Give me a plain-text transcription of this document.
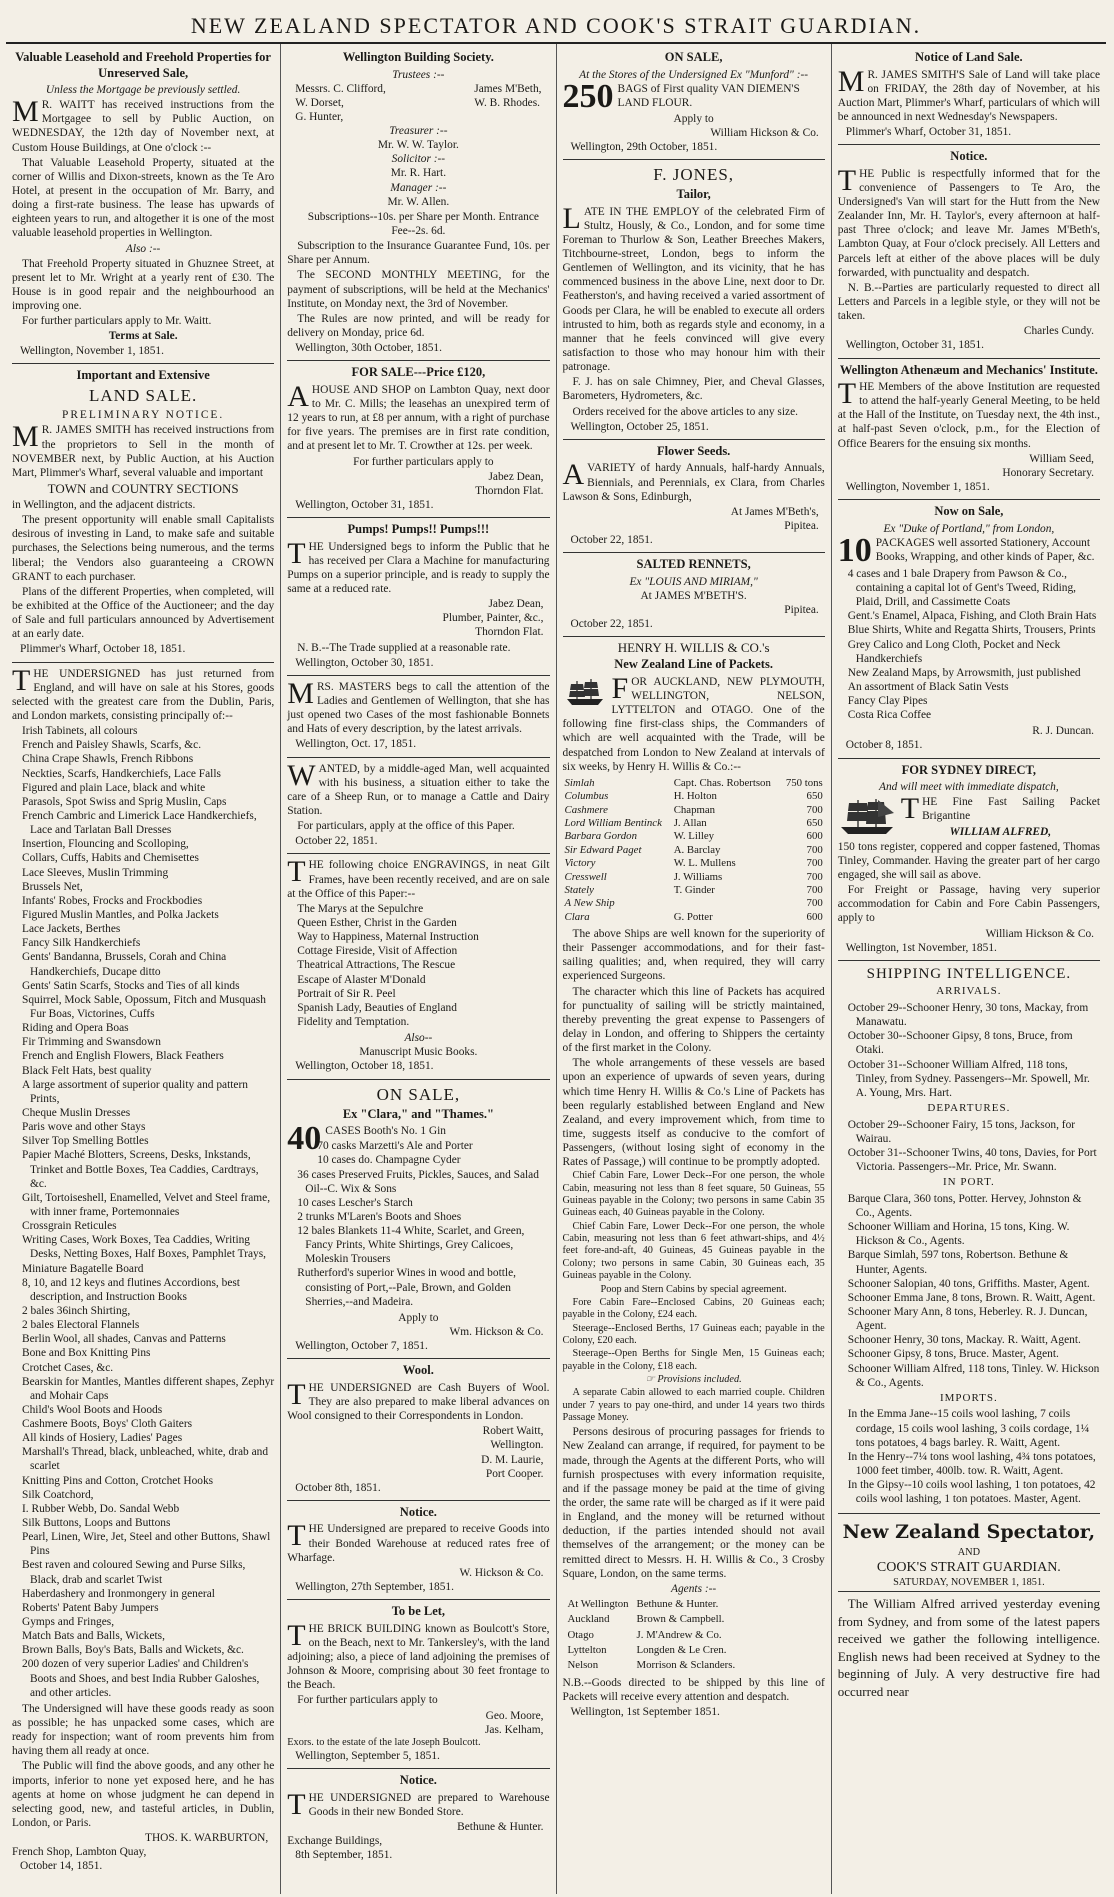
NEW ZEALAND SPECTATOR AND COOK'S STRAIT GUARDIAN.
Valuable Leasehold and Freehold Properties for Unreserved Sale,
Unless the Mortgage be previously settled.

M R. WAITT has received instructions from the Mortgagee to sell by Public Auction, on WEDNESDAY, the 12th day of November next, at Custom House Buildings, at One o'clock :--

That Valuable Leasehold Property, situated at the corner of Willis and Dixon-streets, known as the Te Aro Hotel, at present in the occupation of Mr. Barry, and doing a first-rate business. The lease has upwards of eighteen years to run, and altogether it is one of the most valuable leasehold properties in Wellington.

Also :--

That Freehold Property situated in Ghuznee Street, at present let to Mr. Wright at a yearly rent of £30. The House is in good repair and the neighbourhood an improving one.

For further particulars apply to Mr. Waitt.

Terms at Sale.
Wellington, November 1, 1851.
Important and Extensive
LAND SALE.
PRELIMINARY NOTICE.

M R. JAMES SMITH has received instructions from the proprietors to Sell in the month of NOVEMBER next, by Public Auction, at his Auction Mart, Plimmer's Wharf, several valuable and important

TOWN and COUNTRY SECTIONS

in Wellington, and the adjacent districts.

The present opportunity will enable small Capitalists desirous of investing in Land, to make safe and suitable purchases, the Selections being numerous, and the terms liberal; the Vendors also guaranteeing a CROWN GRANT to each purchaser.

Plans of the different Properties, when completed, will be exhibited at the Office of the Auctioneer; and the day of Sale and full particulars announced by Advertisement at an early date.

Plimmer's Wharf, October 18, 1851.

THE UNDERSIGNED has just returned from England, and will have on sale at his Stores, goods selected with the greatest care from the Dublin, Paris, and London markets, consisting principally of:--

Irish Tabinets, all colours
French and Paisley Shawls, Scarfs, &c.
China Crape Shawls, French Ribbons
Neckties, Scarfs, Handkerchiefs, Lace Falls
Figured and plain Lace, black and white
Parasols, Spot Swiss and Sprig Muslin, Caps
French Cambric and Limerick Lace Handkerchiefs, Lace and Tarlatan Ball Dresses
Insertion, Flouncing and Scolloping,
Collars, Cuffs, Habits and Chemisettes
Lace Sleeves, Muslin Trimming
Brussels Net,
Infants' Robes, Frocks and Frockbodies
Figured Muslin Mantles, and Polka Jackets
Lace Jackets, Berthes
Fancy Silk Handkerchiefs
Gents' Bandanna, Brussels, Corah and China Handkerchiefs, Ducape ditto
Gents' Satin Scarfs, Stocks and Ties of all kinds
Squirrel, Mock Sable, Opossum, Fitch and Musquash Fur Boas, Victorines, Cuffs
Riding and Opera Boas
Fir Trimming and Swansdown
French and English Flowers, Black Feathers
Black Felt Hats, best quality
A large assortment of superior quality and pattern Prints,
Cheque Muslin Dresses
Paris wove and other Stays
Silver Top Smelling Bottles
Papier Maché Blotters, Screens, Desks, Inkstands, Trinket and Bottle Boxes, Tea Caddies, Cardtrays, &c.
Gilt, Tortoiseshell, Enamelled, Velvet and Steel frame, with inner frame, Portemonnaies
Crossgrain Reticules
Writing Cases, Work Boxes, Tea Caddies, Writing Desks, Netting Boxes, Half Boxes, Pamphlet Trays,
Miniature Bagatelle Board
8, 10, and 12 keys and flutines Accordions, best description, and Instruction Books
2 bales 36inch Shirting,
2 bales Electoral Flannels
Berlin Wool, all shades, Canvas and Patterns
Bone and Box Knitting Pins
Crotchet Cases, &c.
Bearskin for Mantles, Mantles different shapes, Zephyr and Mohair Caps
Child's Wool Boots and Hoods
Cashmere Boots, Boys' Cloth Gaiters
All kinds of Hosiery, Ladies' Pages
Marshall's Thread, black, unbleached, white, drab and scarlet
Knitting Pins and Cotton, Crotchet Hooks
Silk Coatchord,
I. Rubber Webb, Do. Sandal Webb
Silk Buttons, Loops and Buttons
Pearl, Linen, Wire, Jet, Steel and other Buttons, Shawl Pins
Best raven and coloured Sewing and Purse Silks, Black, drab and scarlet Twist
Haberdashery and Ironmongery in general
Roberts' Patent Baby Jumpers
Gymps and Fringes,
Match Bats and Balls, Wickets,
Brown Balls, Boy's Bats, Balls and Wickets, &c.
200 dozen of very superior Ladies' and Children's Boots and Shoes, and best India Rubber Galoshes, and other articles.

The Undersigned will have these goods ready as soon as possible; he has unpacked some cases, which are ready for inspection; want of room prevents him from having them all ready at once.

The Public will find the above goods, and any other he imports, inferior to none yet exposed here, and he has agents at home on whose judgment he can depend in selecting good, new, and tasteful articles, in Dublin, London, or Paris.

THOS. K. WARBURTON,
French Shop, Lambton Quay,
October 14, 1851.
Wellington Building Society.
Trustees :--
Messrs. C. Clifford,
W. Dorset,
G. Hunter,
James M'Beth,
W. B. Rhodes.
Treasurer :--
Mr. W. W. Taylor.
Solicitor :--
Mr. R. Hart.
Manager :--
Mr. W. Allen.

Subscriptions--10s. per Share per Month. Entrance Fee--2s. 6d.

Subscription to the Insurance Guarantee Fund, 10s. per Share per Annum.

The SECOND MONTHLY MEETING, for the payment of subscriptions, will be held at the Mechanics' Institute, on Monday next, the 3rd of November.

The Rules are now printed, and will be ready for delivery on Monday, price 6d.

Wellington, 30th October, 1851.
FOR SALE---Price £120,

AHOUSE AND SHOP on Lambton Quay, next door to Mr. C. Mills; the leasehas an unexpired term of 12 years to run, at £8 per annum, with a right of purchase for five years. The premises are in first rate condition, and at present let to Mr. T. Crowther at 12s. per week.

For further particulars apply to

Jabez Dean,
Thorndon Flat.
Wellington, October 31, 1851.
Pumps! Pumps!! Pumps!!!

THE Undersigned begs to inform the Public that he has received per Clara a Machine for manufacturing Pumps on a superior principle, and is ready to supply the same at a reduced rate.

Jabez Dean,
Plumber, Painter, &c.,
Thorndon Flat.

N. B.--The Trade supplied at a reasonable rate.

Wellington, October 30, 1851.

MRS. MASTERS begs to call the attention of the Ladies and Gentlemen of Wellington, that she has just opened two Cases of the most fashionable Bonnets and Hats of every description, by the latest arrivals.

Wellington, Oct. 17, 1851.

WANTED, by a middle-aged Man, well acquainted with his business, a situation either to take the care of a Sheep Run, or to manage a Cattle and Dairy Station.

For particulars, apply at the office of this Paper.

October 22, 1851.

THE following choice ENGRAVINGS, in neat Gilt Frames, have been recently received, and are on sale at the Office of this Paper:--

The Marys at the Sepulchre
Queen Esther, Christ in the Garden
Way to Happiness, Maternal Instruction
Cottage Fireside, Visit of Affection
Theatrical Attractions, The Rescue
Escape of Alaster M'Donald
Portrait of Sir R. Peel
Spanish Lady, Beauties of England
Fidelity and Temptation.
Also--
Manuscript Music Books.
Wellington, October 18, 1851.
ON SALE,
Ex "Clara," and "Thames."
40 CASES Booth's No. 1 Gin
70 casks Marzetti's Ale and Porter
10 cases do. Champagne Cyder
36 cases Preserved Fruits, Pickles, Sauces, and Salad Oil--C. Wix & Sons
10 cases Lescher's Starch
2 trunks M'Laren's Boots and Shoes
12 bales Blankets 11-4 White, Scarlet, and Green, Fancy Prints, White Shirtings, Grey Calicoes, Moleskin Trousers
Rutherford's superior Wines in wood and bottle, consisting of Port,--Pale, Brown, and Golden Sherries,--and Madeira.
Apply to
Wm. Hickson & Co.
Wellington, October 7, 1851.
Wool.

THE UNDERSIGNED are Cash Buyers of Wool. They are also prepared to make liberal advances on Wool consigned to their Correspondents in London.

Robert Waitt,
Wellington.
D. M. Laurie,
Port Cooper.
October 8th, 1851.
Notice.

THE Undersigned are prepared to receive Goods into their Bonded Warehouse at reduced rates free of Wharfage.

W. Hickson & Co.
Wellington, 27th September, 1851.
To be Let,

THE BRICK BUILDING known as Boulcott's Store, on the Beach, next to Mr. Tankersley's, with the land adjoining; also, a piece of land adjoining the premises of Johnson & Moore, comprising about 30 feet frontage to the Beach.

For further particulars apply to

Geo. Moore,
Jas. Kelham,
Exors. to the estate of the late Joseph Boulcott.
Wellington, September 5, 1851.
Notice.

THE UNDERSIGNED are prepared to Warehouse Goods in their new Bonded Store.

Bethune & Hunter.
Exchange Buildings,
8th September, 1851.
ON SALE,
At the Stores of the Undersigned Ex "Munford" :--
250 BAGS of First quality VAN DIEMEN'S LAND FLOUR.
Apply to
William Hickson & Co.
Wellington, 29th October, 1851.
F. JONES,
Tailor,

LATE IN THE EMPLOY of the celebrated Firm of Stultz, Hously, & Co., London, and for some time Foreman to Thurlow & Son, Leather Breeches Makers, Titchbourne-street, London, begs to inform the Gentlemen of Wellington, and its vicinity, that he has commenced business in the above Line, next door to Dr. Featherston's, and having received a varied assortment of Goods per Clara, he will be enabled to execute all orders intrusted to him, both as regards style and economy, in a manner that he feels convinced will give every satisfaction to those who may honour him with their patronage.

F. J. has on sale Chimney, Pier, and Cheval Glasses, Barometers, Hydrometers, &c.

Orders received for the above articles to any size.

Wellington, October 25, 1851.
Flower Seeds.

AVARIETY of hardy Annuals, half-hardy Annuals, Biennials, and Perennials, ex Clara, from Charles Lawson & Sons, Edinburgh,

At James M'Beth's,
Pipitea.
October 22, 1851.
SALTED RENNETS,
Ex "LOUIS AND MIRIAM,"
At JAMES M'BETH'S.
Pipitea.
October 22, 1851.
HENRY H. WILLIS & CO.'s
New Zealand Line of Packets.

FOR AUCKLAND, NEW PLYMOUTH, WELLINGTON, NELSON, LYTTELTON and OTAGO. One of the following fine first-class ships, the Commanders of which are well acquainted with the Trade, will be despatched from London to New Zealand at intervals of six weeks, by Henry H. Willis & Co.:--

Simlah	Capt. Chas. Robertson	750 tons
Columbus	H. Holton	650
Cashmere	Chapman	700
Lord William Bentinck	J. Allan	650
Barbara Gordon	W. Lilley	600
Sir Edward Paget	A. Barclay	700
Victory	W. L. Mullens	700
Cresswell	J. Williams	700
Stately	T. Ginder	700
A New Ship		700
Clara	G. Potter	600

The above Ships are well known for the superiority of their Passenger accommodations, and for their fast-sailing qualities; and, when required, they will carry experienced Surgeons.

The character which this line of Packets has acquired for punctuality of sailing will be strictly maintained, thereby preventing the great expense to Passengers of delay in London, and offering to Shippers the certainty of the first market in the Colony.

The whole arrangements of these vessels are based upon an experience of upwards of seven years, during which time Henry H. Willis & Co.'s Line of Packets has been regularly established between England and New Zealand, and every improvement which, from time to time, suggests itself as conducive to the comfort of Passengers, (without losing sight of economy in the Rates of Passage,) will continue to be promptly adopted.

Chief Cabin Fare, Lower Deck--For one person, the whole Cabin, measuring not less than 8 feet square, 50 Guineas, 55 Guineas payable in the Colony; two persons in same Cabin 35 Guineas each, 40 Guineas payable in the Colony.

Chief Cabin Fare, Lower Deck--For one person, the whole Cabin, measuring not less than 6 feet athwart-ships, and 4½ feet fore-and-aft, 40 Guineas, 45 Guineas payable in the Colony; two persons in same Cabin, 30 Guineas each, 35 Guineas payable in the Colony.

Poop and Stern Cabins by special agreement.

Fore Cabin Fare--Enclosed Cabins, 20 Guineas each; payable in the Colony, £24 each.

Steerage--Enclosed Berths, 17 Guineas each; payable in the Colony, £20 each.

Steerage--Open Berths for Single Men, 15 Guineas each; payable in the Colony, £18 each.

☞ Provisions included.

A separate Cabin allowed to each married couple. Children under 7 years to pay one-third, and under 14 years two thirds Passage Money.

Persons desirous of procuring passages for friends to New Zealand can arrange, if required, for payment to be made, through the Agents at the different Ports, who will furnish prospectuses with every information requisite, and if the passage money be paid at the time of giving the order, the same rate will be charged as if it were paid in England, and the money will be returned without deduction, if the parties intended should not avail themselves of the arrangement; or the money can be remitted direct to Messrs. H. H. Willis & Co., 3 Crosby Square, London, on the same terms.

Agents :--
At Wellington	Bethune & Hunter.
Auckland	Brown & Campbell.
Otago	J. M'Andrew & Co.
Lyttelton	Longden & Le Cren.
Nelson	Morrison & Sclanders.

N.B.--Goods directed to be shipped by this line of Packets will receive every attention and despatch.

Wellington, 1st September 1851.
Notice of Land Sale.

M R. JAMES SMITH'S Sale of Land will take place on FRIDAY, the 28th day of November, at his Auction Mart, Plimmer's Wharf, particulars of which will be announced in next Wednesday's Newspapers.

Plimmer's Wharf, October 31, 1851.
Notice.

THE Public is respectfully informed that for the convenience of Passengers to Te Aro, the Undersigned's Van will start for the Hutt from the New Zealander Inn, Mr. H. Taylor's, every afternoon at half-past Three o'clock; and leave Mr. James M'Beth's, Lambton Quay, at Four o'clock precisely. All Letters and Parcels left at either of the above places will be duly forwarded, with punctuality and despatch.

N. B.--Parties are particularly requested to direct all Letters and Parcels in a legible style, or they will not be taken.

Charles Cundy.
Wellington, October 31, 1851.
Wellington Athenæum and Mechanics' Institute.

THE Members of the above Institution are requested to attend the half-yearly General Meeting, to be held at the Hall of the Institute, on Tuesday next, the 4th inst., at half-past Seven o'clock, p.m., for the Election of Office Bearers for the ensuing six months.

William Seed,
Honorary Secretary.
Wellington, November 1, 1851.
Now on Sale,
Ex "Duke of Portland," from London,
10 PACKAGES well assorted Stationery, Account Books, Wrapping, and other kinds of Paper, &c.
4 cases and 1 bale Drapery from Pawson & Co., containing a capital lot of Gent's Tweed, Riding, Plaid, Drill, and Cassimette Coats
Gent.'s Enamel, Alpaca, Fishing, and Cloth Brain Hats
Blue Shirts, White and Regatta Shirts, Trousers, Prints
Grey Calico and Long Cloth, Pocket and Neck Handkerchiefs
New Zealand Maps, by Arrowsmith, just published
An assortment of Black Satin Vests
Fancy Clay Pipes
Costa Rica Coffee
R. J. Duncan.
October 8, 1851.
FOR SYDNEY DIRECT,
And will meet with immediate dispatch,

THE Fine Fast Sailing Packet Brigantine

WILLIAM ALFRED,

150 tons register, coppered and copper fastened, Thomas Tinley, Commander. Having the greater part of her cargo engaged, she will sail as above.

For Freight or Passage, having very superior accommodation for Cabin and Fore Cabin Passengers, apply to

William Hickson & Co.
Wellington, 1st November, 1851.
SHIPPING INTELLIGENCE.
ARRIVALS.
October 29--Schooner Henry, 30 tons, Mackay, from Manawatu.
October 30--Schooner Gipsy, 8 tons, Bruce, from Otaki.
October 31--Schooner William Alfred, 118 tons, Tinley, from Sydney. Passengers--Mr. Spowell, Mr. A. Young, Mrs. Hart.
DEPARTURES.
October 29--Schooner Fairy, 15 tons, Jackson, for Wairau.
October 31--Schooner Twins, 40 tons, Davies, for Port Victoria. Passengers--Mr. Price, Mr. Swann.
IN PORT.
Barque Clara, 360 tons, Potter. Hervey, Johnston & Co., Agents.
Schooner William and Horina, 15 tons, King. W. Hickson & Co., Agents.
Barque Simlah, 597 tons, Robertson. Bethune & Hunter, Agents.
Schooner Salopian, 40 tons, Griffiths. Master, Agent.
Schooner Emma Jane, 8 tons, Brown. R. Waitt, Agent.
Schooner Mary Ann, 8 tons, Heberley. R. J. Duncan, Agent.
Schooner Henry, 30 tons, Mackay. R. Waitt, Agent.
Schooner Gipsy, 8 tons, Bruce. Master, Agent.
Schooner William Alfred, 118 tons, Tinley. W. Hickson & Co., Agents.
IMPORTS.
In the Emma Jane--15 coils wool lashing, 7 coils cordage, 15 coils wool lashing, 3 coils cordage, 1¼ tons potatoes, 4 bags barley. R. Waitt, Agent.
In the Henry--7¼ tons wool lashing, 4¾ tons potatoes, 1000 feet timber, 400lb. tow. R. Waitt, Agent.
In the Gipsy--10 coils wool lashing, 1 ton potatoes, 42 coils wool lashing, 1 ton potatoes. Master, Agent.
New Zealand Spectator,
AND
COOK'S STRAIT GUARDIAN.
SATURDAY, NOVEMBER 1, 1851.

The William Alfred arrived yesterday evening from Sydney, and from some of the latest papers received we gather the following intelligence. English news had been received at Sydney to the beginning of July. A very destructive fire had occurred near
